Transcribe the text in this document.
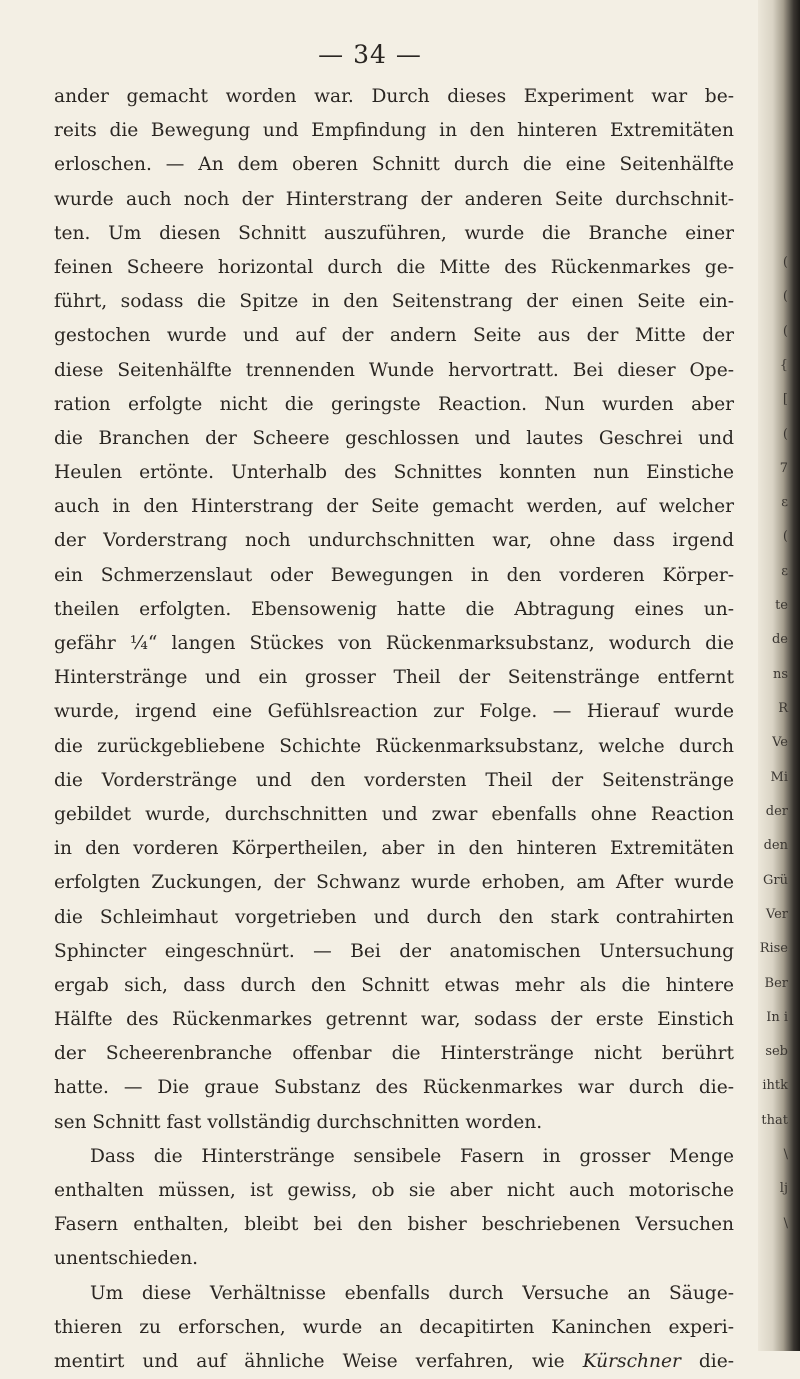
— 34 —
ander gemacht worden war. Durch dieses Experiment war be-
reits die Bewegung und Empfindung in den hinteren Extremitäten
erloschen. — An dem oberen Schnitt durch die eine Seitenhälfte
wurde auch noch der Hinterstrang der anderen Seite durchschnit-
ten. Um diesen Schnitt auszuführen, wurde die Branche einer
feinen Scheere horizontal durch die Mitte des Rückenmarkes ge-
führt, sodass die Spitze in den Seitenstrang der einen Seite ein-
gestochen wurde und auf der andern Seite aus der Mitte der
diese Seitenhälfte trennenden Wunde hervortratt. Bei dieser Ope-
ration erfolgte nicht die geringste Reaction. Nun wurden aber
die Branchen der Scheere geschlossen und lautes Geschrei und
Heulen ertönte. Unterhalb des Schnittes konnten nun Einstiche
auch in den Hinterstrang der Seite gemacht werden, auf welcher
der Vorderstrang noch undurchschnitten war, ohne dass irgend
ein Schmerzenslaut oder Bewegungen in den vorderen Körper-
theilen erfolgten. Ebensowenig hatte die Abtragung eines un-
gefähr ¼“ langen Stückes von Rückenmarksubstanz, wodurch die
Hinterstränge und ein grosser Theil der Seitenstränge entfernt
wurde, irgend eine Gefühlsreaction zur Folge. — Hierauf wurde
die zurückgebliebene Schichte Rückenmarksubstanz, welche durch
die Vorderstränge und den vordersten Theil der Seitenstränge
gebildet wurde, durchschnitten und zwar ebenfalls ohne Reaction
in den vorderen Körpertheilen, aber in den hinteren Extremitäten
erfolgten Zuckungen, der Schwanz wurde erhoben, am After wurde
die Schleimhaut vorgetrieben und durch den stark contrahirten
Sphincter eingeschnürt. — Bei der anatomischen Untersuchung
ergab sich, dass durch den Schnitt etwas mehr als die hintere
Hälfte des Rückenmarkes getrennt war, sodass der erste Einstich
der Scheerenbranche offenbar die Hinterstränge nicht berührt
hatte. — Die graue Substanz des Rückenmarkes war durch die-
sen Schnitt fast vollständig durchschnitten worden.
Dass die Hinterstränge sensibele Fasern in grosser Menge
enthalten müssen, ist gewiss, ob sie aber nicht auch motorische
Fasern enthalten, bleibt bei den bisher beschriebenen Versuchen
unentschieden.
Um diese Verhältnisse ebenfalls durch Versuche an Säuge-
thieren zu erforschen, wurde an decapitirten Kaninchen experi-
mentirt und auf ähnliche Weise verfahren, wie Kürschner die-
(
(
(
{
[
(
7
ε
(
ε
te
de
ns
R
Ve
Mi
der
den
Grü
Ver
Rise
Ber
In i
seb
ihtk
that
\
lj
\
